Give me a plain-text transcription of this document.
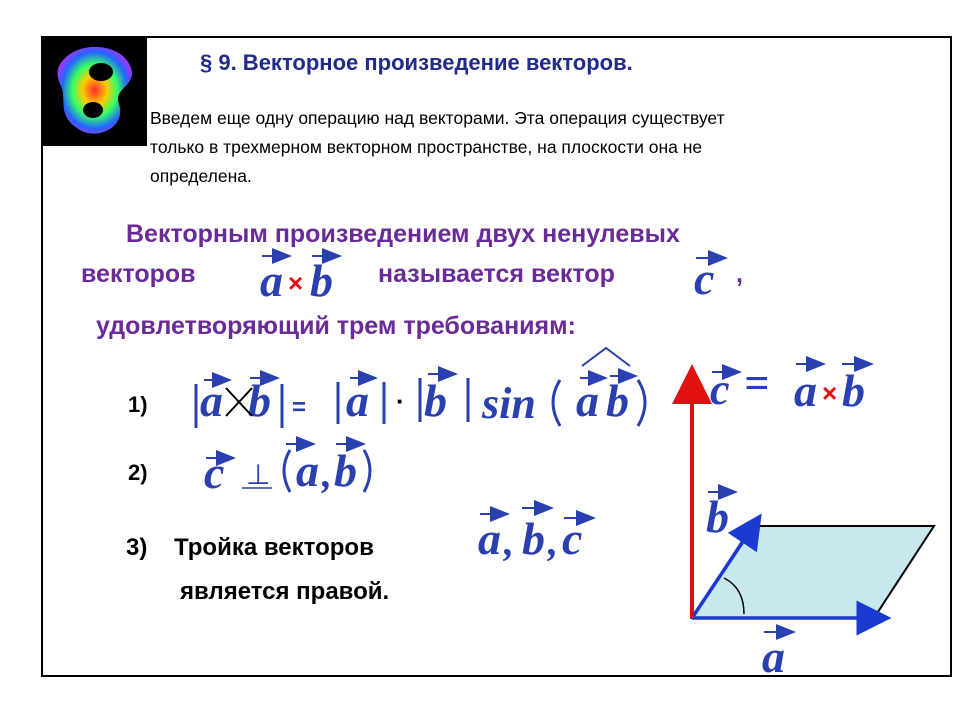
§ 9. Векторное произведение векторов.
Введем еще одну операцию над векторами. Эта операция существует
только в трехмерном векторном пространстве, на плоскости она не
определена.
Векторным произведением двух ненулевых
векторов	называется вектор	,
удовлетворяющий трем требованиям:
a × b	c
1) a b = a · b sin a b
2) c ⊥ a , b
3) Тройка векторов
является правой.
a , b , c
c = a × b
b
a
